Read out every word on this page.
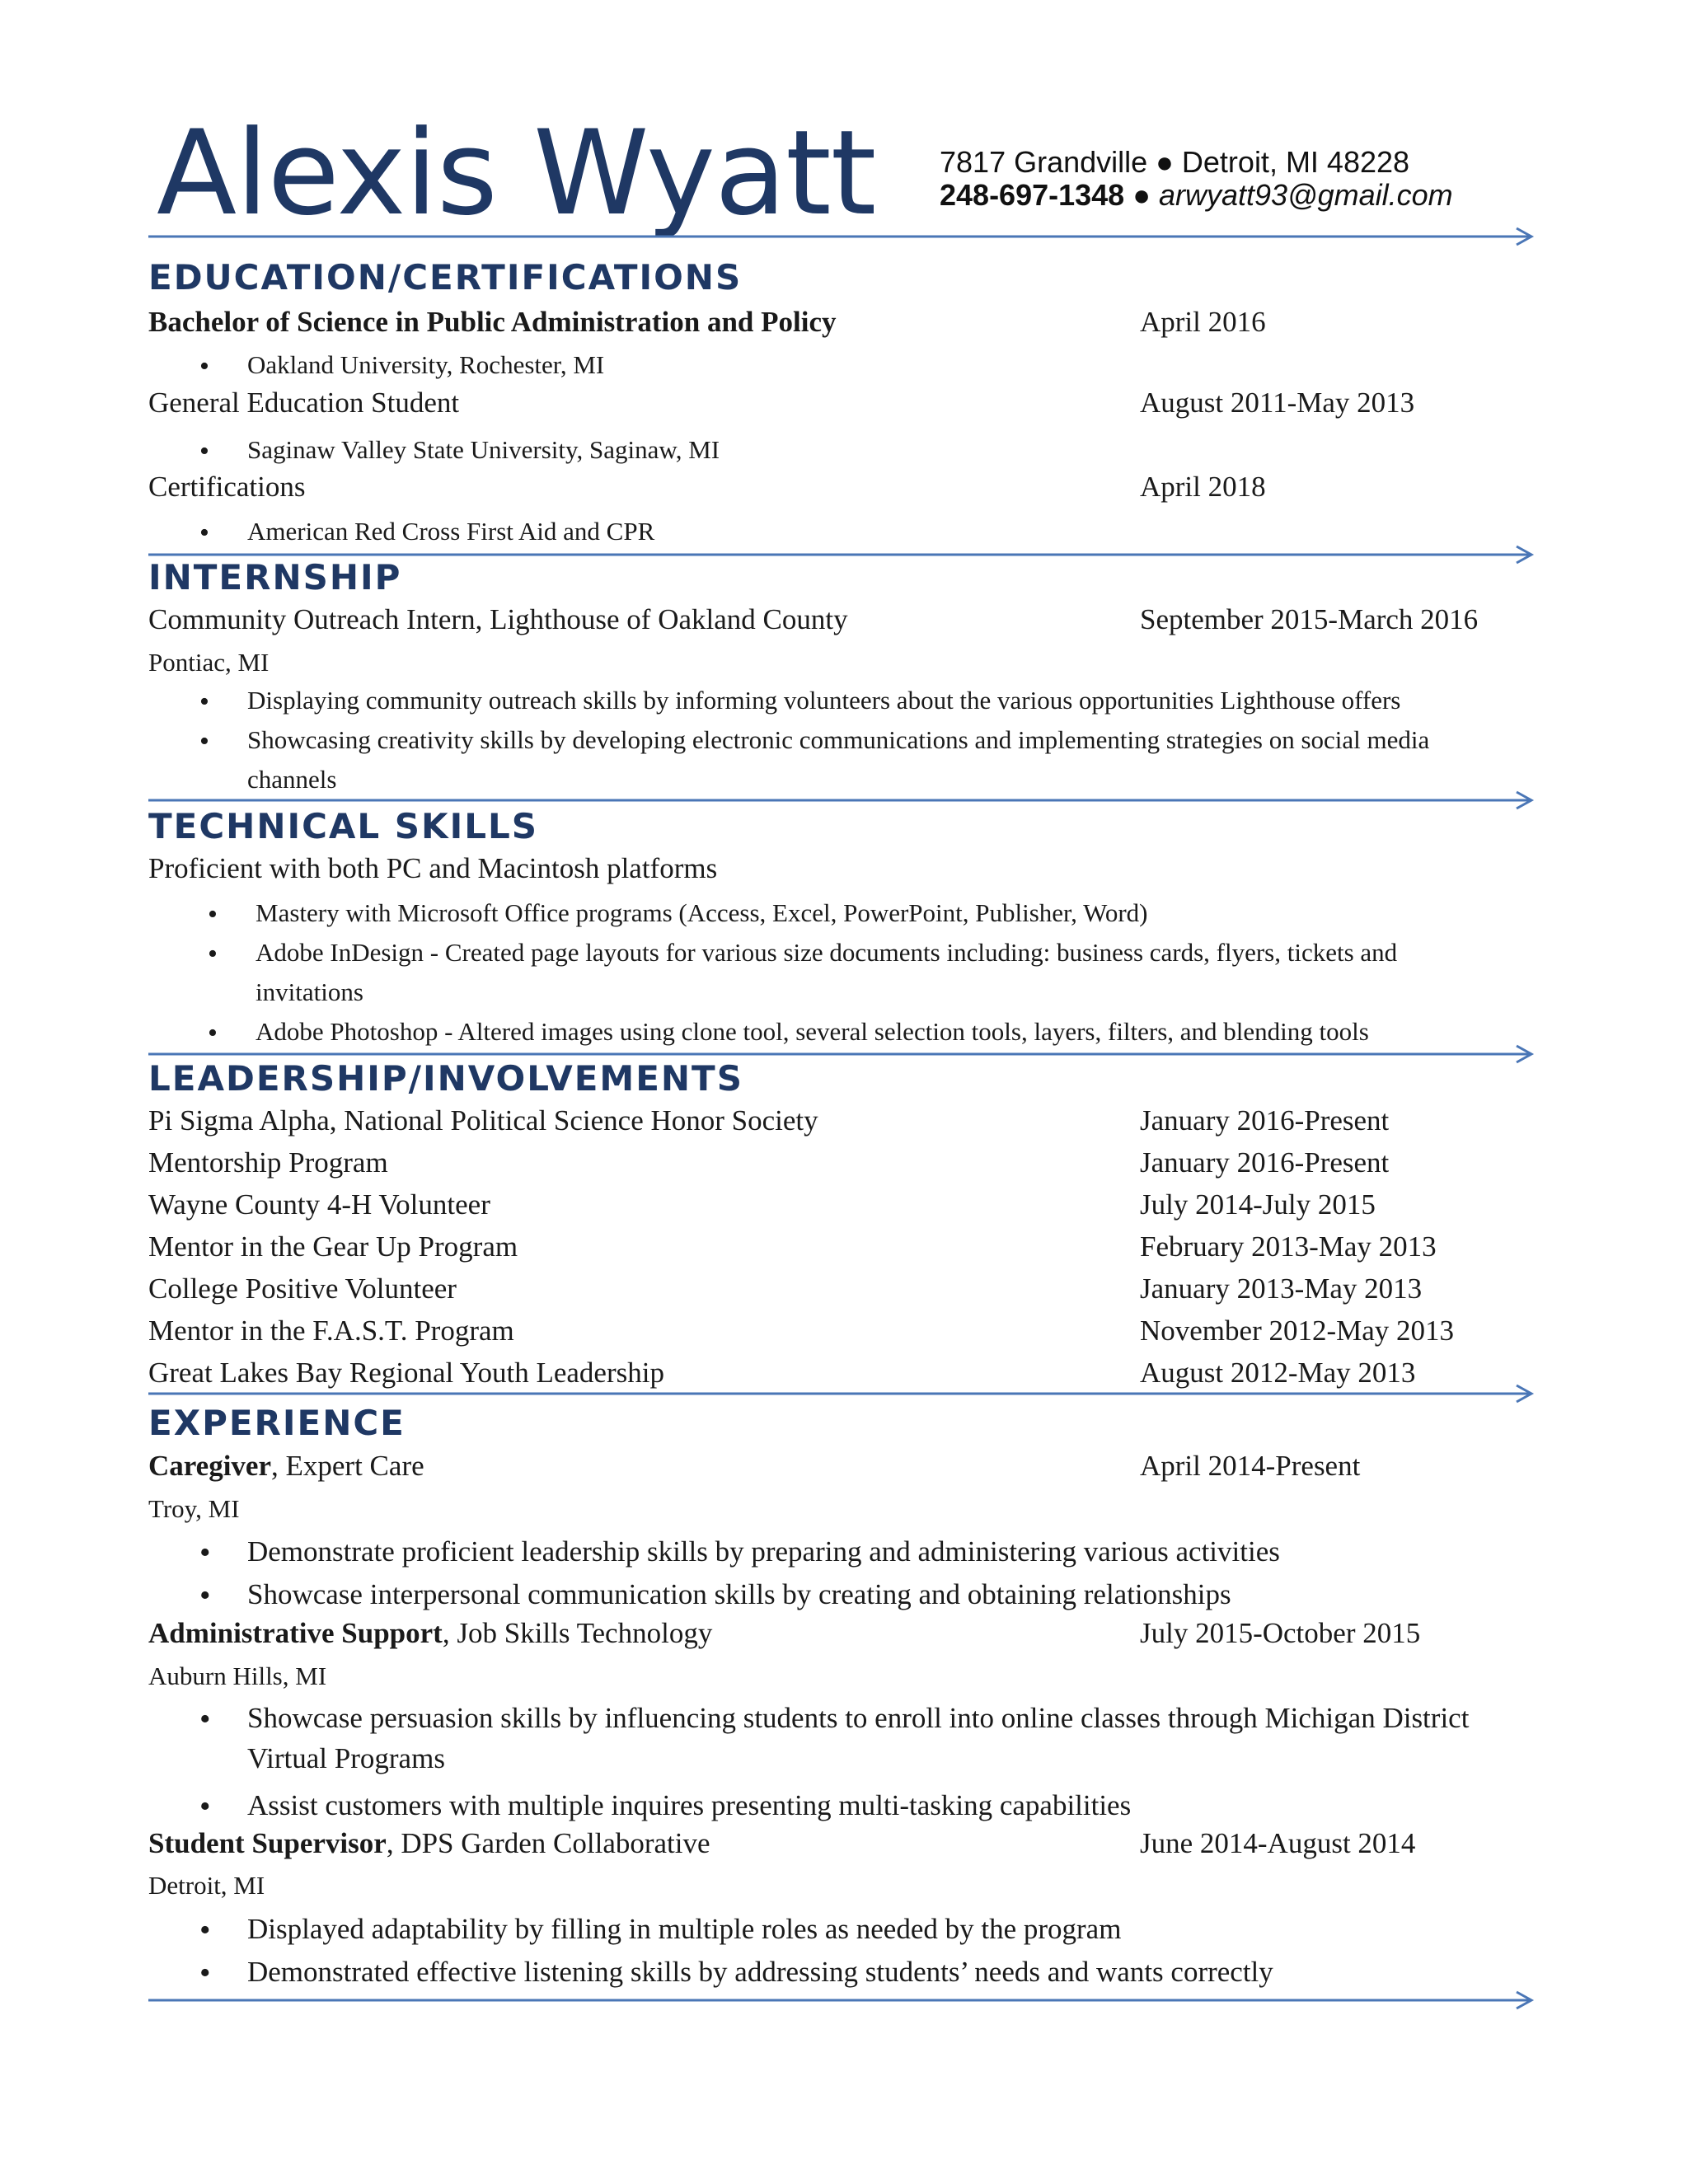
Alexis Wyatt 7817 Grandville ● Detroit, MI 48228
248-697-1348 ● arwyatt93@gmail.com
EDUCATION/CERTIFICATIONS
Bachelor of Science in Public Administration and Policy	April 2016
• Oakland University, Rochester, MI
General Education Student	August 2011-May 2013
• Saginaw Valley State University, Saginaw, MI
Certifications	April 2018
• American Red Cross First Aid and CPR
INTERNSHIP
Community Outreach Intern, Lighthouse of Oakland County	September 2015-March 2016
Pontiac, MI
• Displaying community outreach skills by informing volunteers about the various opportunities Lighthouse offers
• Showcasing creativity skills by developing electronic communications and implementing strategies on social media
channels
TECHNICAL SKILLS
Proficient with both PC and Macintosh platforms
• Mastery with Microsoft Office programs (Access, Excel, PowerPoint, Publisher, Word)
• Adobe InDesign - Created page layouts for various size documents including: business cards, flyers, tickets and
invitations
• Adobe Photoshop - Altered images using clone tool, several selection tools, layers, filters, and blending tools
LEADERSHIP/INVOLVEMENTS
Pi Sigma Alpha, National Political Science Honor Society	January 2016-Present
Mentorship Program	January 2016-Present
Wayne County 4-H Volunteer	July 2014-July 2015
Mentor in the Gear Up Program	February 2013-May 2013
College Positive Volunteer	January 2013-May 2013
Mentor in the F.A.S.T. Program	November 2012-May 2013
Great Lakes Bay Regional Youth Leadership	August 2012-May 2013
EXPERIENCE
Caregiver, Expert Care	April 2014-Present
Troy, MI
• Demonstrate proficient leadership skills by preparing and administering various activities
• Showcase interpersonal communication skills by creating and obtaining relationships
Administrative Support, Job Skills Technology	July 2015-October 2015
Auburn Hills, MI
• Showcase persuasion skills by influencing students to enroll into online classes through Michigan District
Virtual Programs
• Assist customers with multiple inquires presenting multi-tasking capabilities
Student Supervisor, DPS Garden Collaborative	June 2014-August 2014
Detroit, MI
• Displayed adaptability by filling in multiple roles as needed by the program
• Demonstrated effective listening skills by addressing students’ needs and wants correctly
